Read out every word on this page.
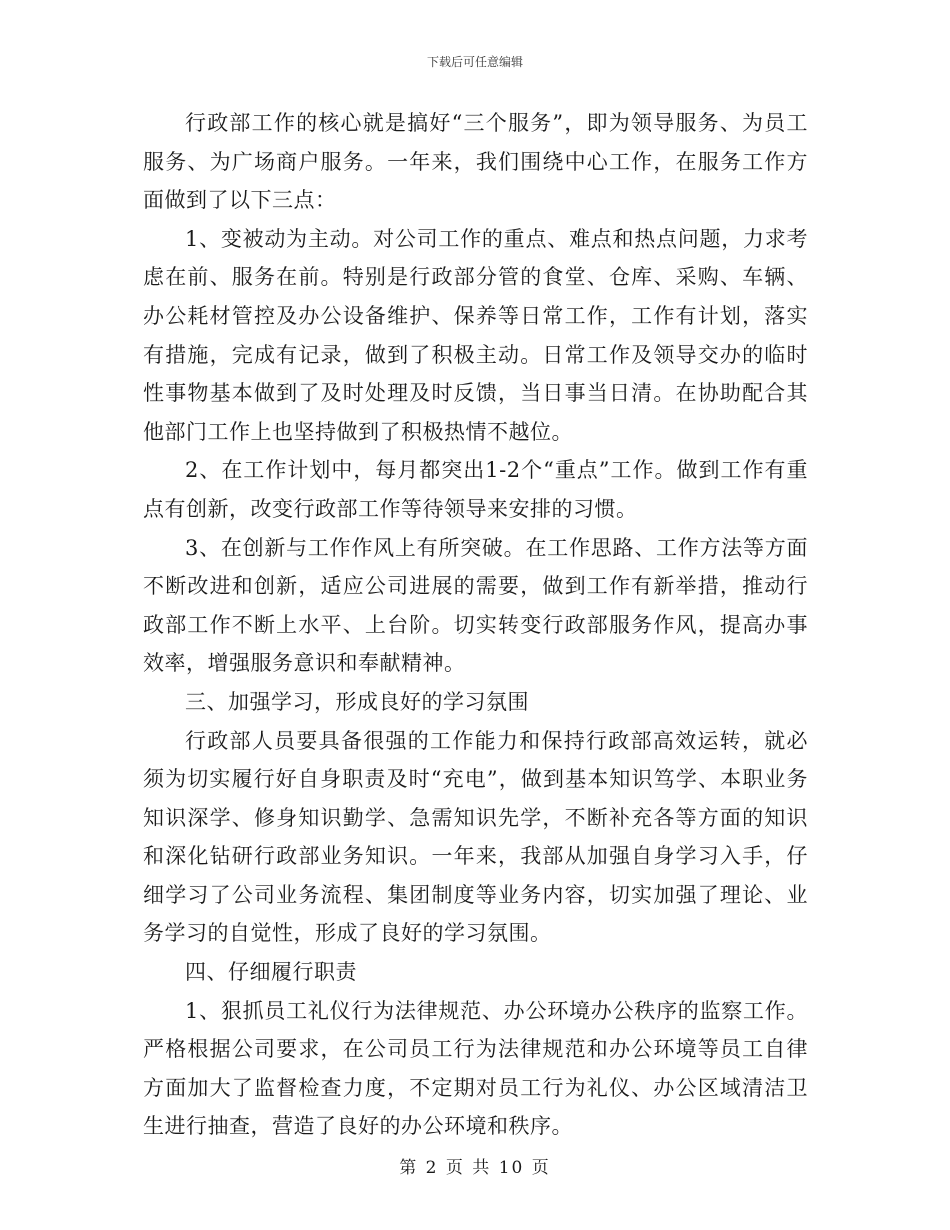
下载后可任意编辑

行政部工作的核心就是搞好“三个服务”，即为领导服务、为员工服务、为广场商户服务。一年来，我们围绕中心工作，在服务工作方面做到了以下三点：

1、变被动为主动。对公司工作的重点、难点和热点问题，力求考虑在前、服务在前。特别是行政部分管的食堂、仓库、采购、车辆、办公耗材管控及办公设备维护、保养等日常工作，工作有计划，落实有措施，完成有记录，做到了积极主动。日常工作及领导交办的临时性事物基本做到了及时处理及时反馈，当日事当日清。在协助配合其他部门工作上也坚持做到了积极热情不越位。

2、在工作计划中，每月都突出1-2个“重点”工作。做到工作有重点有创新，改变行政部工作等待领导来安排的习惯。

3、在创新与工作作风上有所突破。在工作思路、工作方法等方面不断改进和创新，适应公司进展的需要，做到工作有新举措，推动行政部工作不断上水平、上台阶。切实转变行政部服务作风，提高办事效率，增强服务意识和奉献精神。

三、加强学习，形成良好的学习氛围

行政部人员要具备很强的工作能力和保持行政部高效运转，就必须为切实履行好自身职责及时“充电”，做到基本知识笃学、本职业务知识深学、修身知识勤学、急需知识先学，不断补充各等方面的知识和深化钻研行政部业务知识。一年来，我部从加强自身学习入手，仔细学习了公司业务流程、集团制度等业务内容，切实加强了理论、业务学习的自觉性，形成了良好的学习氛围。

四、仔细履行职责

1、狠抓员工礼仪行为法律规范、办公环境办公秩序的监察工作。严格根据公司要求，在公司员工行为法律规范和办公环境等员工自律方面加大了监督检查力度，不定期对员工行为礼仪、办公区域清洁卫生进行抽查，营造了良好的办公环境和秩序。

第 2 页 共 10 页
